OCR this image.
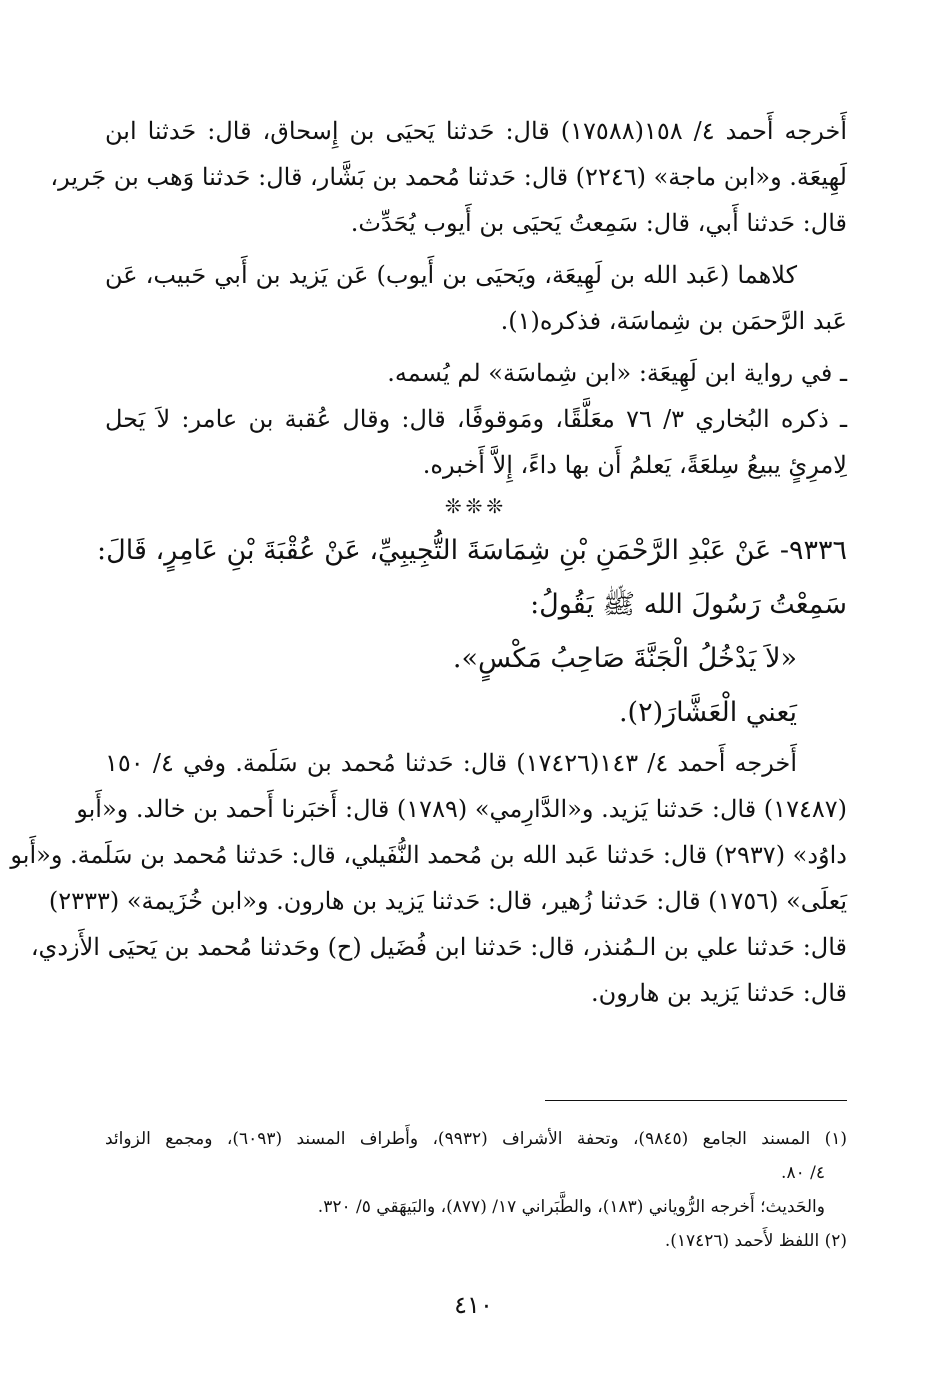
أَخرجه أَحمد ٤/ ١٥٨(١٧٥٨٨) قال: حَدثنا يَحيَى بن إِسحاق، قال: حَدثنا ابن
لَهِيعَة. و«ابن ماجة» (٢٢٤٦) قال: حَدثنا مُحمد بن بَشَّار، قال: حَدثنا وَهب بن جَرير،
قال: حَدثنا أَبي، قال: سَمِعتُ يَحيَى بن أَيوب يُحَدِّث.
كلاهما (عَبد الله بن لَهِيعَة، ويَحيَى بن أَيوب) عَن يَزيد بن أَبي حَبيب، عَن
عَبد الرَّحمَن بن شِماسَة، فذكره(١).
ـ في رواية ابن لَهِيعَة: «ابن شِماسَة» لم يُسمه.
ـ ذكره البُخاري ٣/ ٧٦ معَلَّقًا، ومَوقوفًا، قال: وقال عُقبة بن عامر: لاَ يَحل
لِامرِئٍ يبيعُ سِلعَةً، يَعلمُ أَن بها داءً، إِلاَّ أَخبره.
❊❊❊
٩٣٣٦- عَنْ عَبْدِ الرَّحْمَنِ بْنِ شِمَاسَةَ التُّجِيبِيِّ، عَنْ عُقْبَةَ بْنِ عَامِرٍ، قَالَ:
سَمِعْتُ رَسُولَ الله ﷺ يَقُولُ:
«لاَ يَدْخُلُ الْجَنَّةَ صَاحِبُ مَكْسٍ».
يَعني الْعَشَّارَ(٢).
أَخرجه أَحمد ٤/ ١٤٣(١٧٤٢٦) قال: حَدثنا مُحمد بن سَلَمة. وفي ٤/ ١٥٠
(١٧٤٨٧) قال: حَدثنا يَزيد. و«الدَّارِمي» (١٧٨٩) قال: أَخبَرنا أَحمد بن خالد. و«أَبو
داوُد» (٢٩٣٧) قال: حَدثنا عَبد الله بن مُحمد النُّفَيلي، قال: حَدثنا مُحمد بن سَلَمة. و«أَبو
يَعلَى» (١٧٥٦) قال: حَدثنا زُهير، قال: حَدثنا يَزيد بن هارون. و«ابن خُزَيمة» (٢٣٣٣)
قال: حَدثنا علي بن الـمُنذر، قال: حَدثنا ابن فُضَيل (ح) وحَدثنا مُحمد بن يَحيَى الأَزدي،
قال: حَدثنا يَزيد بن هارون.
(١) المسند الجامع (٩٨٤٥)، وتحفة الأشراف (٩٩٣٢)، وأَطراف المسند (٦٠٩٣)، ومجمع الزوائد
٤/ ٨٠.
والحَديث؛ أَخرجه الرُّوياني (١٨٣)، والطَّبَراني ١٧/ (٨٧٧)، والبَيهَقي ٥/ ٣٢٠.
(٢) اللفظ لأَحمد (١٧٤٢٦).
٤١٠
